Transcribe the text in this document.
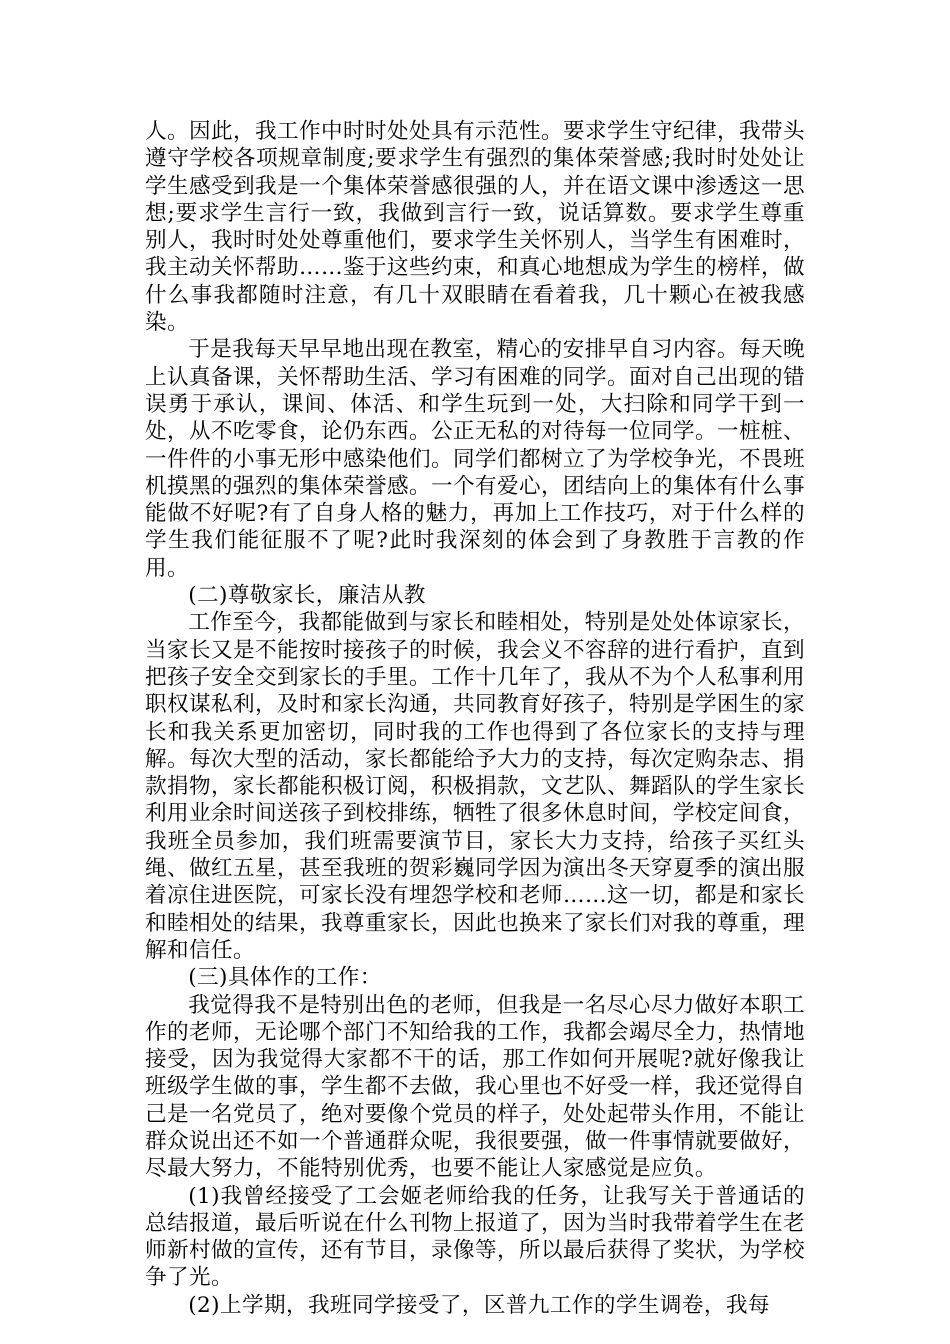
人。因此，我工作中时时处处具有示范性。要求学生守纪律，我带头遵守学校各项规章制度;要求学生有强烈的集体荣誉感;我时时处处让学生感受到我是一个集体荣誉感很强的人，并在语文课中渗透这一思想;要求学生言行一致，我做到言行一致，说话算数。要求学生尊重别人，我时时处处尊重他们，要求学生关怀别人，当学生有困难时，我主动关怀帮助……鉴于这些约束，和真心地想成为学生的榜样，做什么事我都随时注意，有几十双眼睛在看着我，几十颗心在被我感染。

于是我每天早早地出现在教室，精心的安排早自习内容。每天晚上认真备课，关怀帮助生活、学习有困难的同学。面对自己出现的错误勇于承认，课间、体活、和学生玩到一处，大扫除和同学干到一处，从不吃零食，论仍东西。公正无私的对待每一位同学。一桩桩、一件件的小事无形中感染他们。同学们都树立了为学校争光，不畏班机摸黑的强烈的集体荣誉感。一个有爱心，团结向上的集体有什么事能做不好呢?有了自身人格的魅力，再加上工作技巧，对于什么样的学生我们能征服不了呢?此时我深刻的体会到了身教胜于言教的作用。

(二)尊敬家长，廉洁从教

工作至今，我都能做到与家长和睦相处，特别是处处体谅家长，当家长又是不能按时接孩子的时候，我会义不容辞的进行看护，直到把孩子安全交到家长的手里。工作十几年了，我从不为个人私事利用职权谋私利，及时和家长沟通，共同教育好孩子，特别是学困生的家长和我关系更加密切，同时我的工作也得到了各位家长的支持与理解。每次大型的活动，家长都能给予大力的支持，每次定购杂志、捐款捐物，家长都能积极订阅，积极捐款，文艺队、舞蹈队的学生家长利用业余时间送孩子到校排练，牺牲了很多休息时间，学校定间食，我班全员参加，我们班需要演节目，家长大力支持，给孩子买红头绳、做红五星，甚至我班的贺彩巍同学因为演出冬天穿夏季的演出服着凉住进医院，可家长没有埋怨学校和老师……这一切，都是和家长和睦相处的结果，我尊重家长，因此也换来了家长们对我的尊重，理解和信任。

(三)具体作的工作：

我觉得我不是特别出色的老师，但我是一名尽心尽力做好本职工作的老师，无论哪个部门不知给我的工作，我都会竭尽全力，热情地接受，因为我觉得大家都不干的话，那工作如何开展呢?就好像我让班级学生做的事，学生都不去做，我心里也不好受一样，我还觉得自己是一名党员了，绝对要像个党员的样子，处处起带头作用，不能让群众说出还不如一个普通群众呢，我很要强，做一件事情就要做好，尽最大努力，不能特别优秀，也要不能让人家感觉是应负。

(1)我曾经接受了工会姬老师给我的任务，让我写关于普通话的总结报道，最后听说在什么刊物上报道了，因为当时我带着学生在老师新村做的宣传，还有节目，录像等，所以最后获得了奖状，为学校争了光。

(2)上学期，我班同学接受了，区普九工作的学生调卷，我每
